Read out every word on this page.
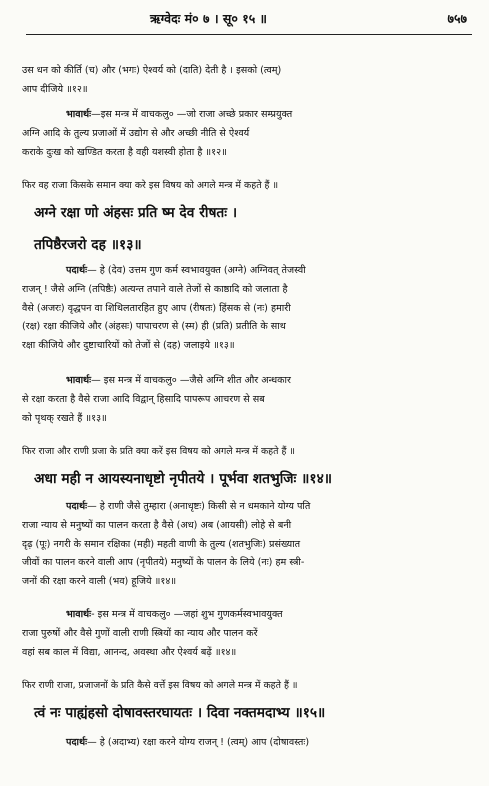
ऋग्वेदः मं० ७ । सू० १५ ॥	७५७
उस धन को कीर्ति (च) और (भगः) ऐश्वर्य को (दाति) देती है । इसको (त्वम्)
आप दीजिये ॥१२॥
भावार्थः—इस मन्त्र में वाचकलु० —जो राजा अच्छे प्रकार सम्प्रयुक्त
अग्नि आदि के तुल्य प्रजाओं में उद्योग से और अच्छी नीति से ऐश्वर्य
कराके दुःख को खण्डित करता है वही यशस्वी होता है ॥१२॥
फिर वह राजा किसके समान क्या करे इस विषय को अगले मन्त्र में कहते हैं ॥
अग्ने रक्षा णो अंहसः प्रति ष्म देव रीषतः ।
तपिष्ठैरजरो दह ॥१३॥
पदार्थः— हे (देव) उत्तम गुण कर्म स्वभावयुक्त (अग्ने) अग्निवत् तेजस्वी
राजन् ! जैसे अग्नि (तपिष्ठैः) अत्यन्त तपाने वाले तेजों से काष्ठादि को जलाता है
वैसे (अजरः) वृद्धपन वा शिथिलतारहित हुए आप (रीषतः) हिंसक से (नः) हमारी
(रक्ष) रक्षा कीजिये और (अंहसः) पापाचरण से (स्म) ही (प्रति) प्रतीति के साथ
रक्षा कीजिये और दुष्टाचारियों को तेजों से (दह) जलाइये ॥१३॥
भावार्थः— इस मन्त्र में वाचकलु० —जैसे अग्नि शीत और अन्धकार
से रक्षा करता है वैसे राजा आदि विद्वान् हिसादि पापरूप आचरण से सब
को पृथक् रखते हैं ॥१३॥
फिर राजा और राणी प्रजा के प्रति क्या करें इस विषय को अगले मन्त्र में कहते हैं ॥
अधा मही न आयस्यनाधृष्टो नृपीतये । पूर्भवा शतभुजिः ॥१४॥
पदार्थः— हे राणी जैसे तुम्हारा (अनाधृष्टः) किसी से न धमकाने योग्य पति
राजा न्याय से मनुष्यों का पालन करता है वैसे (अध) अब (आयसी) लोहे से बनी
दृढ़ (पूः) नगरी के समान रक्षिका (मही) महती वाणी के तुल्य (शतभुजिः) प्रसंख्यात
जीवों का पालन करने वाली आप (नृपीतये) मनुष्यों के पालन के लिये (नः) हम स्त्री-
जनों की रक्षा करने वाली (भव) हूजिये ॥१४॥
भावार्थः- इस मन्त्र में वाचकलु० —जहां शुभ गुणकर्मस्वभावयुक्त
राजा पुरुषों और वैसे गुणों वाली राणी स्त्रियों का न्याय और पालन करें
वहां सब काल में विद्या, आनन्द, अवस्था और ऐश्वर्य बढ़ें ॥१४॥
फिर राणी राजा, प्रजाजनों के प्रति कैसे वर्त्ते इस विषय को अगले मन्त्र में कहते हैं ॥
त्वं नः पाह्यंहसो दोषावस्तरघायतः । दिवा नक्तमदाभ्य ॥१५॥
पदार्थः— हे (अदाभ्य) रक्षा करने योग्य राजन् ! (त्वम्) आप (दोषावस्तः)
